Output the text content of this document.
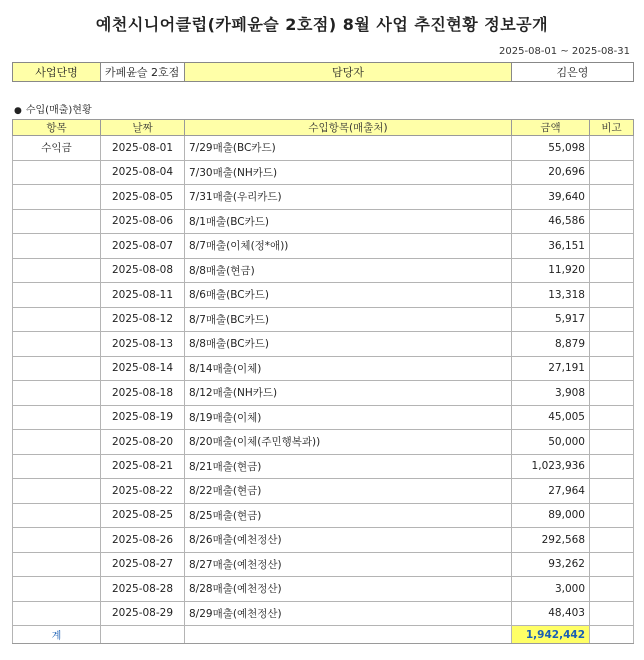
예천시니어클럽(카페윤슬 2호점) 8월 사업 추진현황 정보공개
2025-08-01 ~ 2025-08-31
사업단명	카페윤슬 2호점	담당자	김은영
● 수입(매출)현황
항목	날짜	수입항목(매출처)	금액	비고
수익금	2025-08-01	7/29매출(BC카드)	55,098	
	2025-08-04	7/30매출(NH카드)	20,696	
	2025-08-05	7/31매출(우리카드)	39,640	
	2025-08-06	8/1매출(BC카드)	46,586	
	2025-08-07	8/7매출(이체(정*애))	36,151	
	2025-08-08	8/8매출(현금)	11,920	
	2025-08-11	8/6매출(BC카드)	13,318	
	2025-08-12	8/7매출(BC카드)	5,917	
	2025-08-13	8/8매출(BC카드)	8,879	
	2025-08-14	8/14매출(이체)	27,191	
	2025-08-18	8/12매출(NH카드)	3,908	
	2025-08-19	8/19매출(이체)	45,005	
	2025-08-20	8/20매출(이체(주민행복과))	50,000	
	2025-08-21	8/21매출(현금)	1,023,936	
	2025-08-22	8/22매출(현금)	27,964	
	2025-08-25	8/25매출(현금)	89,000	
	2025-08-26	8/26매출(예천정산)	292,568	
	2025-08-27	8/27매출(예천정산)	93,262	
	2025-08-28	8/28매출(예천정산)	3,000	
	2025-08-29	8/29매출(예천정산)	48,403	
계			1,942,442	
